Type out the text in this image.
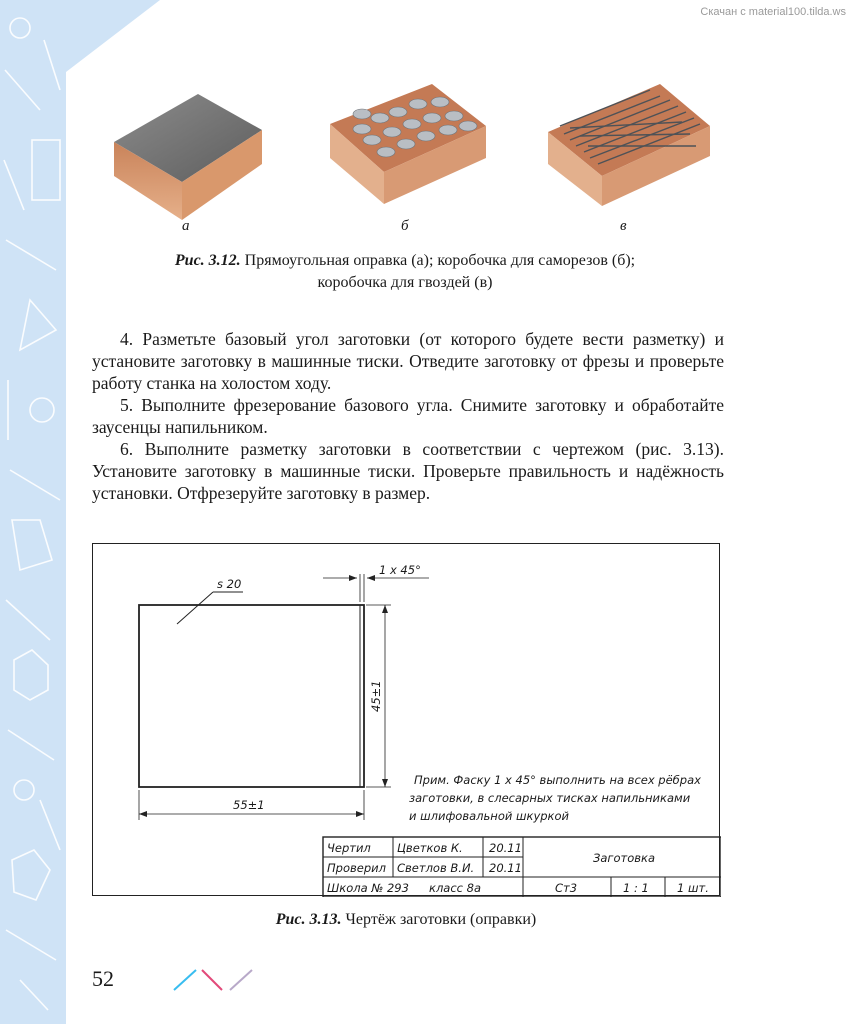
Скачан с material100.tilda.ws
а	б	в
Рис. 3.12. Прямоугольная оправка (а); коробочка для саморезов (б);
коробочка для гвоздей (в)

4. Разметьте базовый угол заготовки (от которого будете вести разметку) и установите заготовку в машинные тиски. Отведите заготовку от фрезы и проверьте работу станка на холостом ходу.

5. Выполните фрезерование базового угла. Снимите заготовку и обработайте заусенцы напильником.

6. Выполните разметку заготовки в соответствии с чертежом (рис. 3.13). Установите заготовку в машинные тиски. Проверьте правильность и надёжность установки. Отфрезеруйте заготовку в размер.

s 20
1 x 45°
45±1
55±1
Прим. Фаску 1 x 45° выполнить на всех рёбрах
заготовки, в слесарных тисках напильниками
и шлифовальной шкуркой
Чертил Цветков К. 20.11
Проверил Светлов В.И. 20.11
Заготовка
Школа № 293 класс 8а	Ст3	1 : 1 1 шт.
Рис. 3.13. Чертёж заготовки (оправки)
52
